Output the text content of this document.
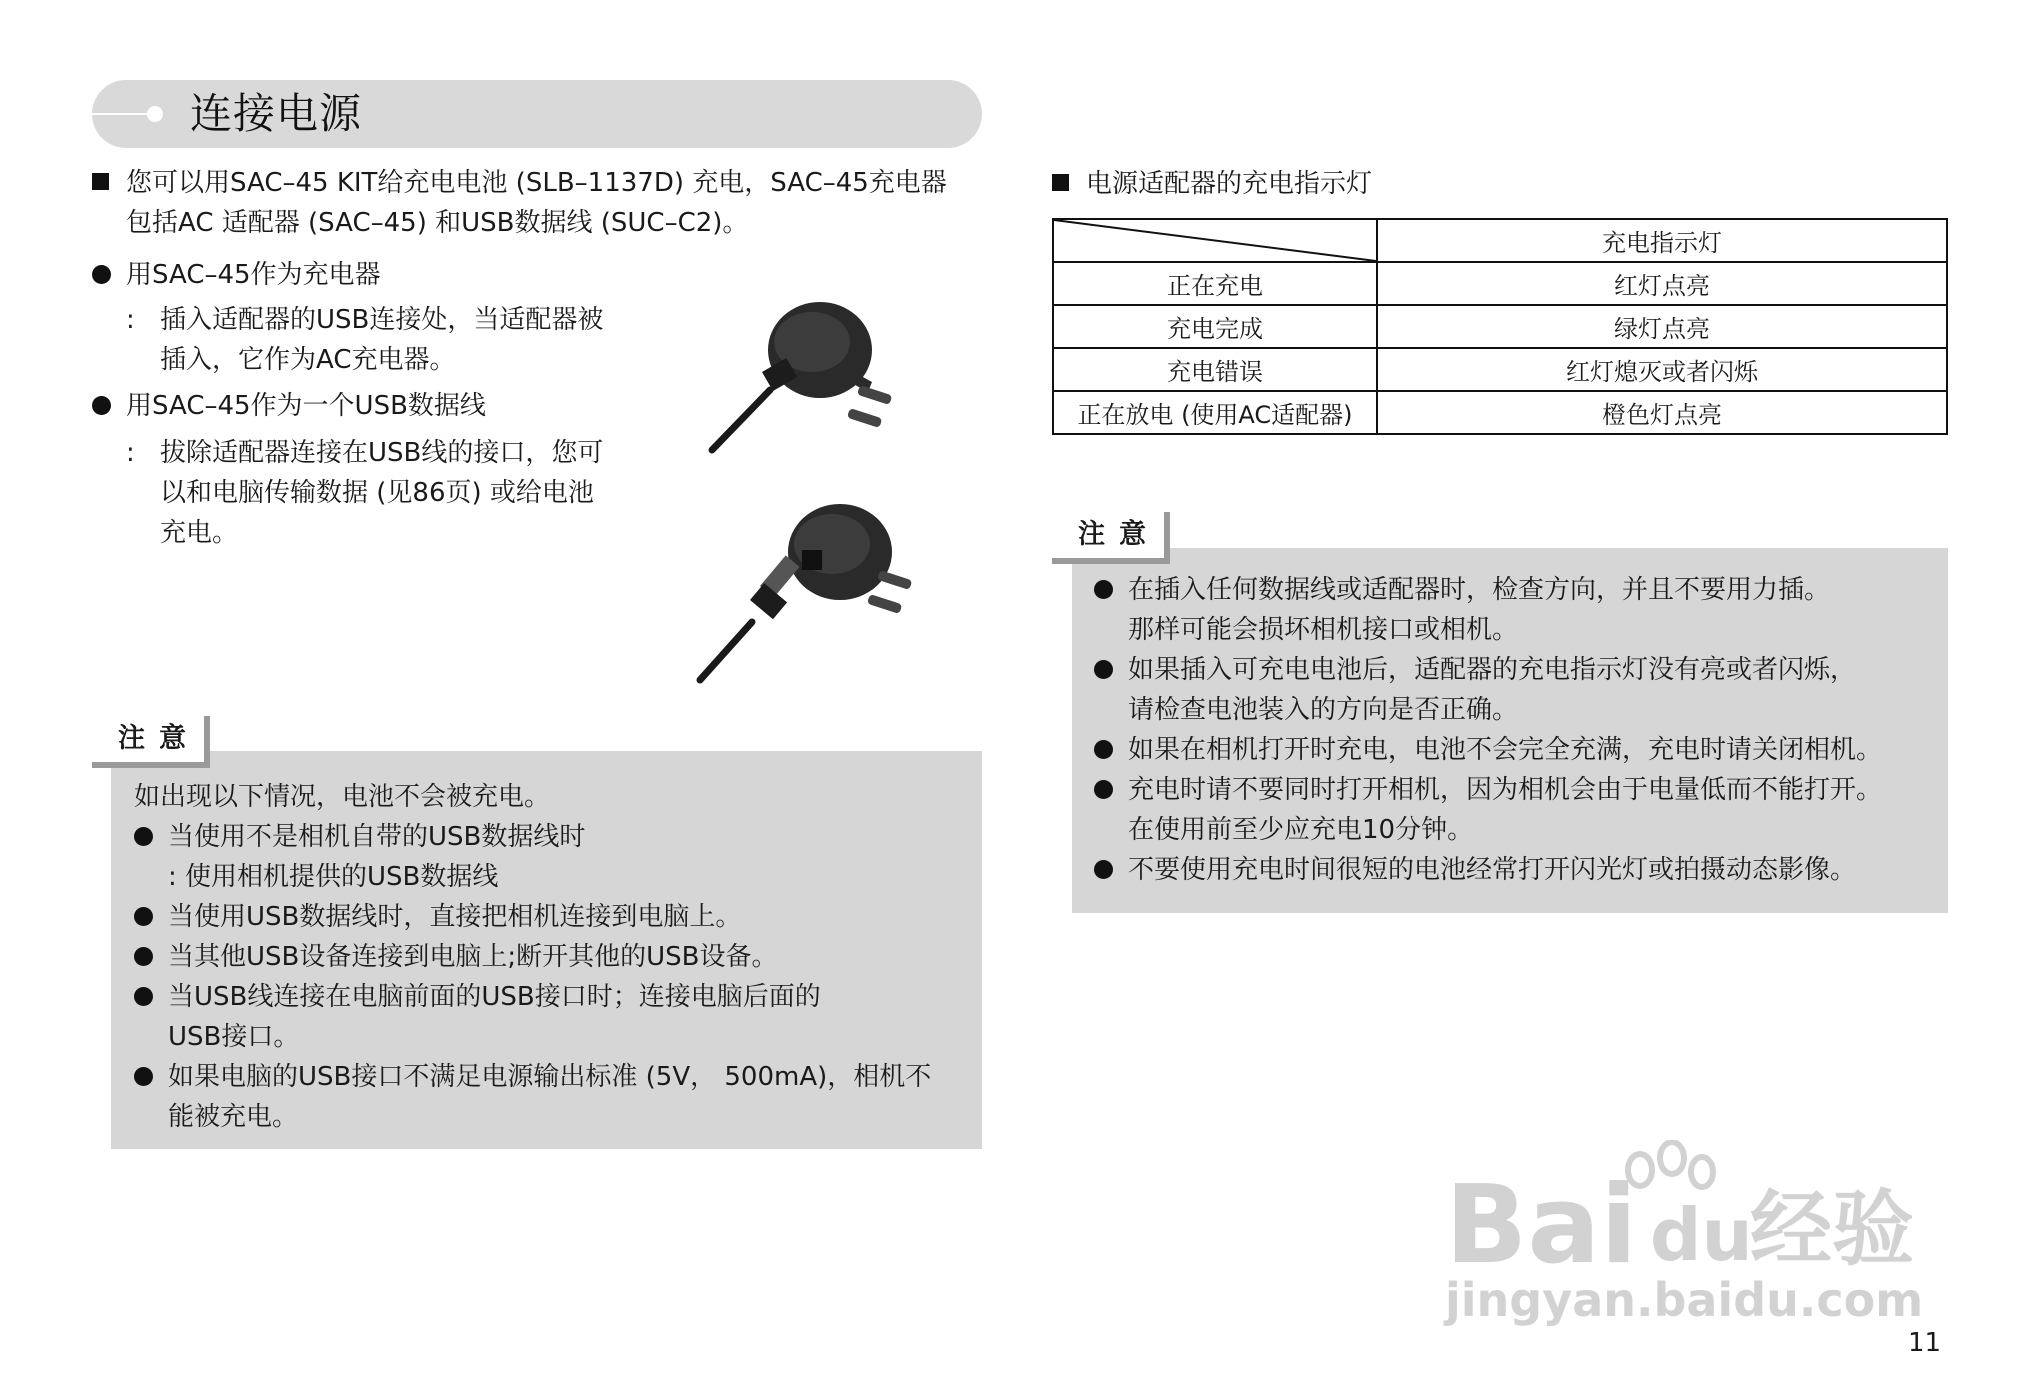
连接电源
您可以用SAC–45 KIT给充电电池 (SLB–1137D) 充电，SAC–45充电器
包括AC 适配器 (SAC–45) 和USB数据线 (SUC–C2)。
用SAC–45作为充电器
: 插入适配器的USB连接处，当适配器被
插入，它作为AC充电器。
用SAC–45作为一个USB数据线
: 拔除适配器连接在USB线的接口，您可
以和电脑传输数据 (见86页) 或给电池
充电。
注意
如出现以下情况，电池不会被充电。
当使用不是相机自带的USB数据线时
: 使用相机提供的USB数据线
当使用USB数据线时，直接把相机连接到电脑上。
当其他USB设备连接到电脑上;断开其他的USB设备。
当USB线连接在电脑前面的USB接口时；连接电脑后面的
USB接口。
如果电脑的USB接口不满足电源输出标准 (5V， 500mA)，相机不
能被充电。
电源适配器的充电指示灯
	充电指示灯
正在充电	红灯点亮
充电完成	绿灯点亮
充电错误	红灯熄灭或者闪烁
正在放电 (使用AC适配器)	橙色灯点亮
注意
在插入任何数据线或适配器时，检查方向，并且不要用力插。
那样可能会损坏相机接口或相机。
如果插入可充电电池后，适配器的充电指示灯没有亮或者闪烁，
请检查电池装入的方向是否正确。
如果在相机打开时充电，电池不会完全充满，充电时请关闭相机。
充电时请不要同时打开相机，因为相机会由于电量低而不能打开。
在使用前至少应充电10分钟。
不要使用充电时间很短的电池经常打开闪光灯或拍摄动态影像。
Bai du
经验
jingyan.baidu.com
11
